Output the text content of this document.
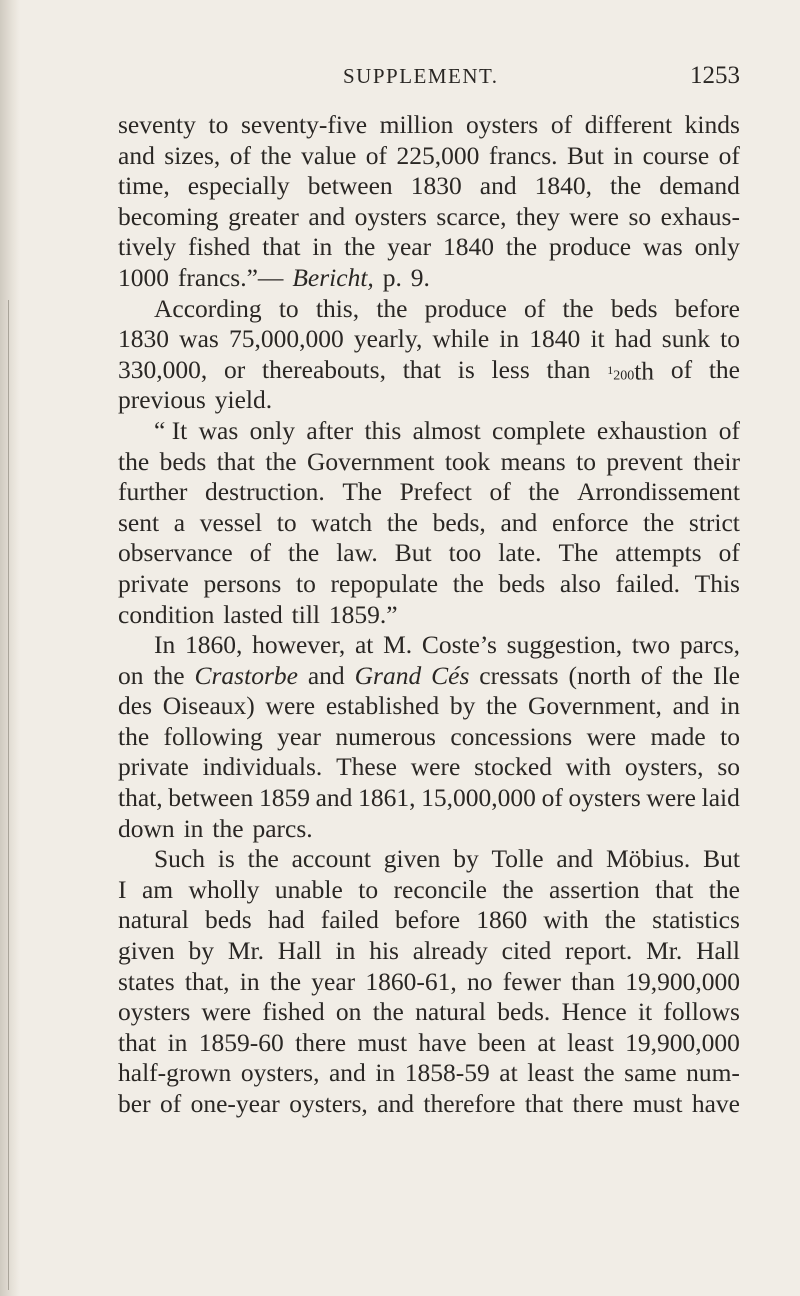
SUPPLEMENT.	1253
seventy to seventy-five million oysters of different kinds
and sizes, of the value of 225,000 francs. But in course of
time, especially between 1830 and 1840, the demand
becoming greater and oysters scarce, they were so exhaus-
tively fished that in the year 1840 the produce was only
1000 francs.”— Bericht, p. 9.
According to this, the produce of the beds before
1830 was 75,000,000 yearly, while in 1840 it had sunk to
330,000, or thereabouts, that is less than $^1$200th of the
previous yield.
“ It was only after this almost complete exhaustion of
the beds that the Government took means to prevent their
further destruction. The Prefect of the Arrondissement
sent a vessel to watch the beds, and enforce the strict
observance of the law. But too late. The attempts of
private persons to repopulate the beds also failed. This
condition lasted till 1859.”
In 1860, however, at M. Coste’s suggestion, two parcs,
on the Crastorbe and Grand Cés cressats (north of the Ile
des Oiseaux) were established by the Government, and in
the following year numerous concessions were made to
private individuals. These were stocked with oysters, so
that, between 1859 and 1861, 15,000,000 of oysters were laid
down in the parcs.
Such is the account given by Tolle and Möbius. But
I am wholly unable to reconcile the assertion that the
natural beds had failed before 1860 with the statistics
given by Mr. Hall in his already cited report. Mr. Hall
states that, in the year 1860-61, no fewer than 19,900,000
oysters were fished on the natural beds. Hence it follows
that in 1859-60 there must have been at least 19,900,000
half-grown oysters, and in 1858-59 at least the same num-
ber of one-year oysters, and therefore that there must have
